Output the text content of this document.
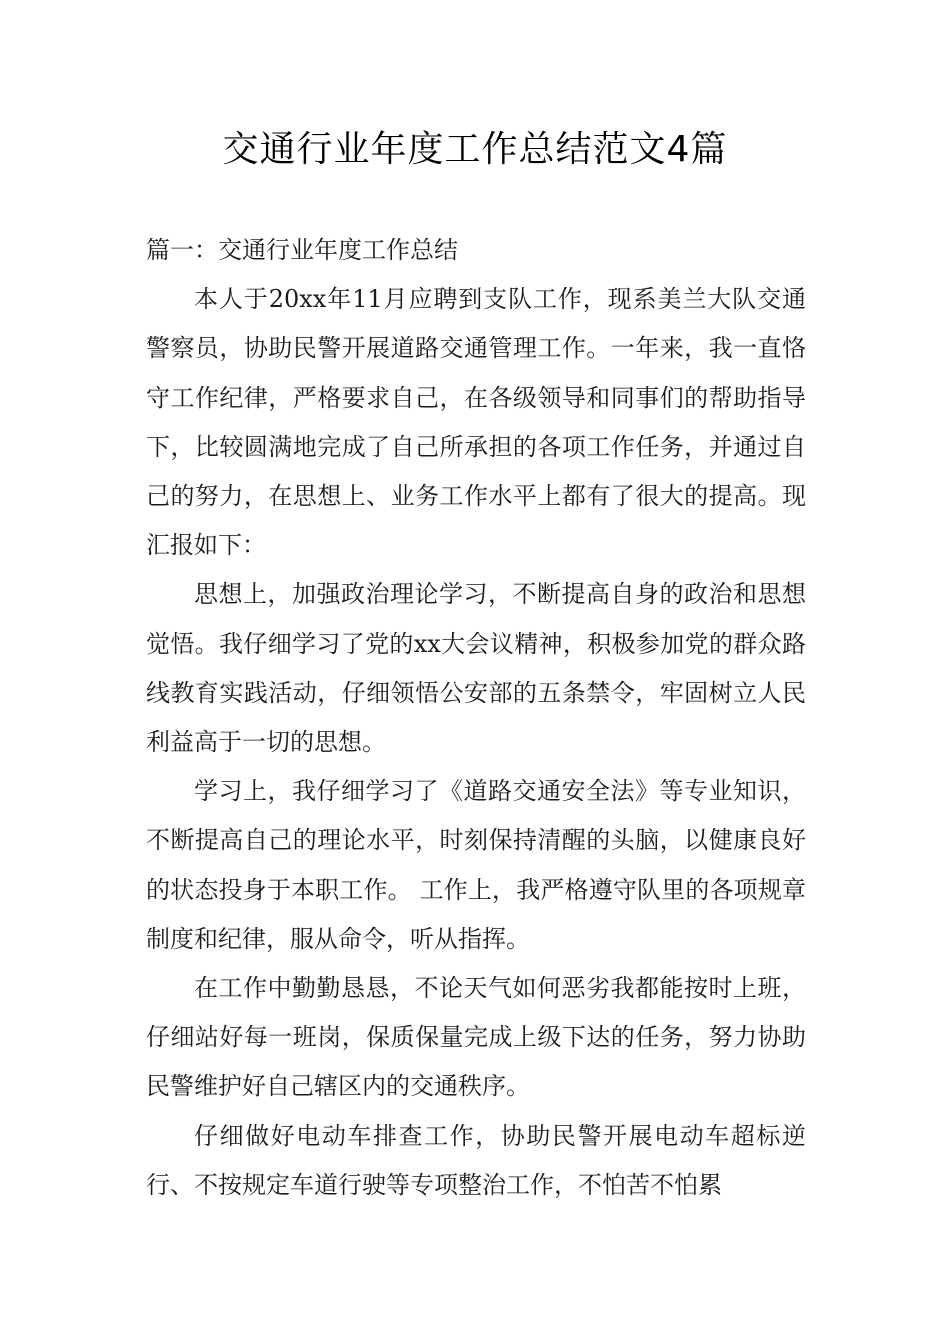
交通行业年度工作总结范文4篇

篇一：交通行业年度工作总结

本人于20xx年11月应聘到支队工作，现系美兰大队交通警察员，协助民警开展道路交通管理工作。一年来，我一直恪守工作纪律，严格要求自己，在各级领导和同事们的帮助指导下，比较圆满地完成了自己所承担的各项工作任务，并通过自己的努力，在思想上、业务工作水平上都有了很大的提高。现汇报如下：

思想上，加强政治理论学习，不断提高自身的政治和思想觉悟。我仔细学习了党的xx大会议精神，积极参加党的群众路线教育实践活动，仔细领悟公安部的五条禁令，牢固树立人民利益高于一切的思想。

学习上，我仔细学习了《道路交通安全法》等专业知识，不断提高自己的理论水平，时刻保持清醒的头脑，以健康良好的状态投身于本职工作。 工作上，我严格遵守队里的各项规章制度和纪律，服从命令，听从指挥。

在工作中勤勤恳恳，不论天气如何恶劣我都能按时上班，仔细站好每一班岗，保质保量完成上级下达的任务，努力协助民警维护好自己辖区内的交通秩序。

仔细做好电动车排查工作，协助民警开展电动车超标逆行、不按规定车道行驶等专项整治工作，不怕苦不怕累
